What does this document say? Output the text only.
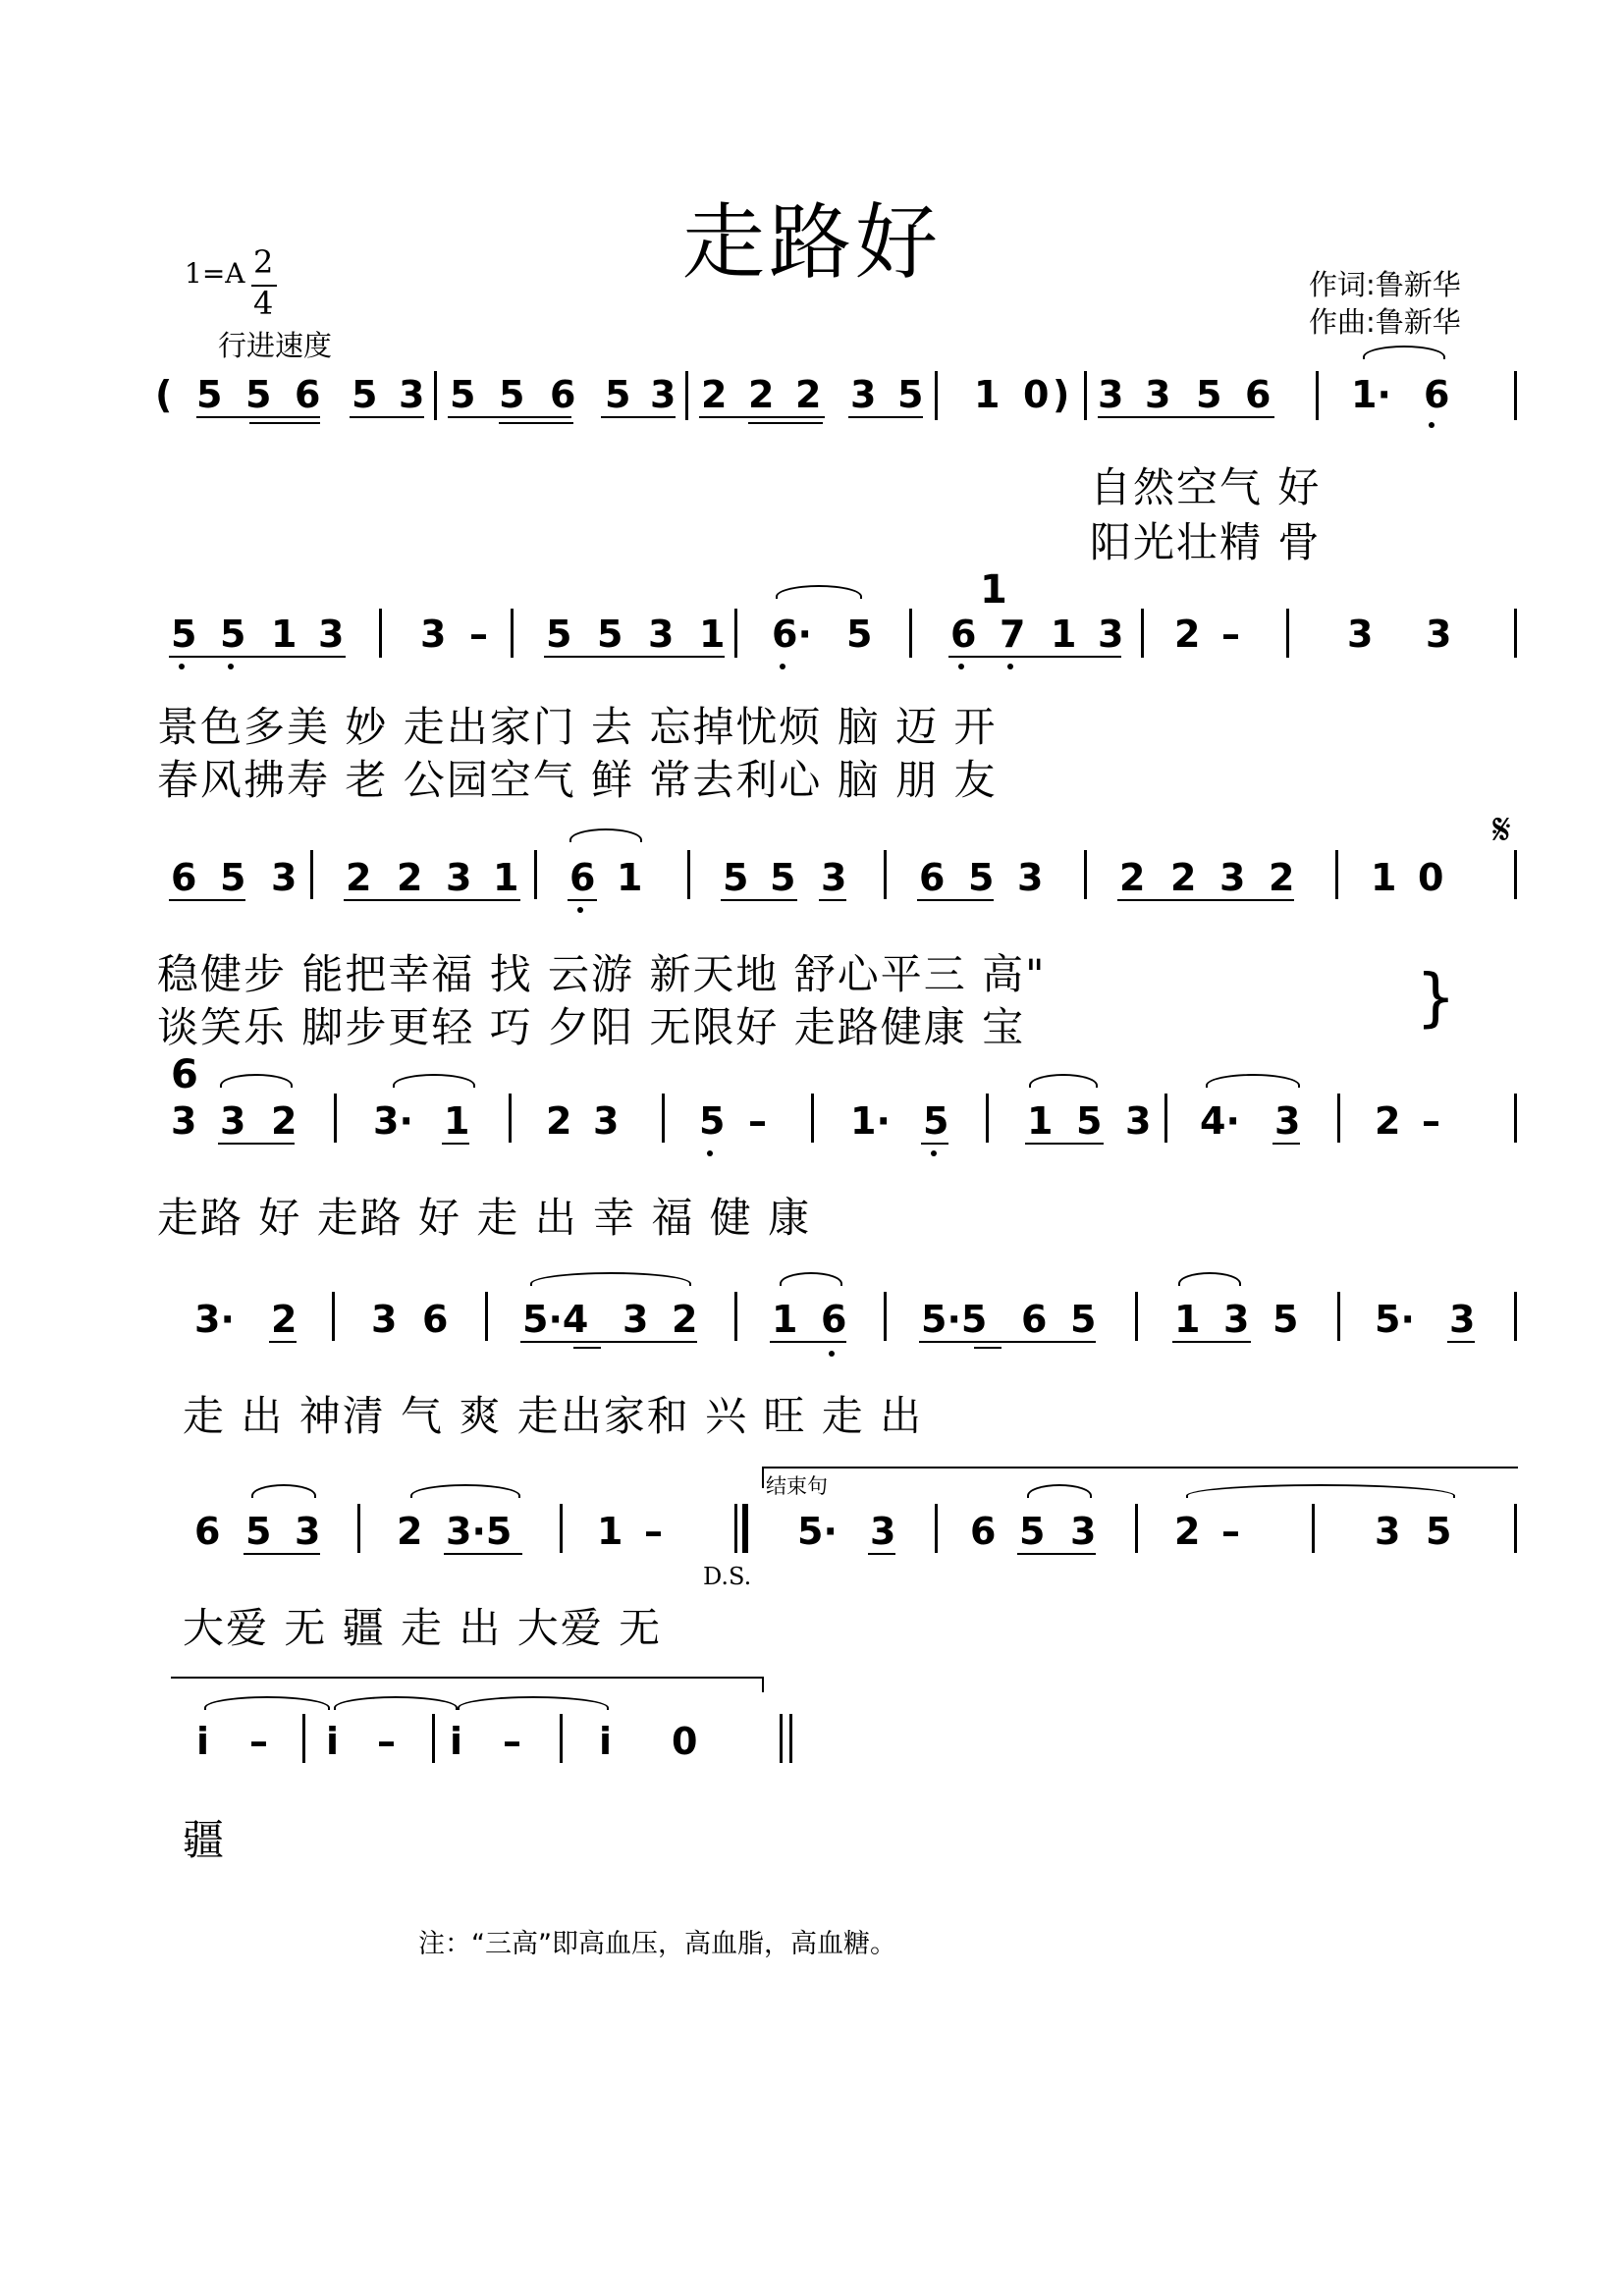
走路好
1=A 2
4
行进速度
作词:鲁新华
作曲:鲁新华
( 5 5 6 5 3 5 5 6 5 3 2 2 2 3 5 1 0 ) 3 3 5 6 1· 6
自然空气 好
阳光壮精 骨
1
5 5 1 3 3 – 5 5 3 1 6· 5 6 7 1 3 2 –	3 3
景色多美 妙 走出家门 去 忘掉忧烦 脑 迈 开
春风拂寿 老 公园空气 鲜 常去利心 脑 朋 友
6 5 3 2 2 3 1 6 1 5 5 3 6 5 3 2 2 3 2 1 0
𝄋
稳健步 能把幸福 找 云游 新天地 舒心平三 高"
谈笑乐 脚步更轻 巧 夕阳 无限好 走路健康 宝	}
6
3 3 2 3· 1 2 3 5 – 1· 5 1 5 3 4· 3 2 –
走路 好 走路 好 走 出 幸 福 健 康
3· 2 3 6 5·4 3 2 1 6 5·5 6 5 1 3 5 5· 3
走 出 神清 气 爽 走出家和 兴 旺 走 出
结束句
6 5 3 2 3·5 1 –	5· 3 6 5 3 2 –	3 5
D.S.
大爱 无 疆 走 出 大爱 无
i – i – i – i 0
疆
注：“三高”即高血压，高血脂，高血糖。
